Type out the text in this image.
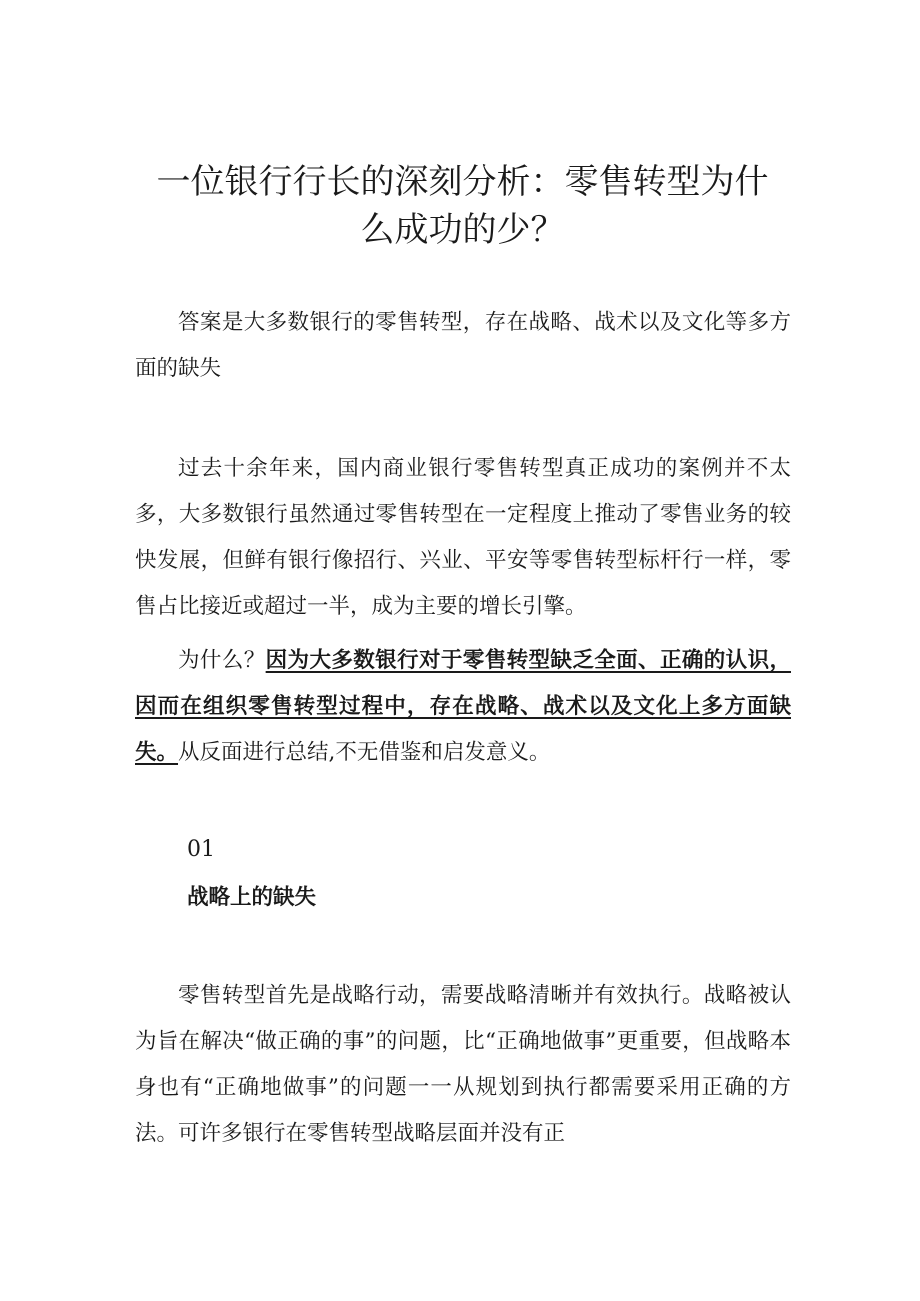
一位银行行长的深刻分析：零售转型为什
么成功的少？

答案是大多数银行的零售转型，存在战略、战术以及文化等多方面的缺失

过去十余年来，国内商业银行零售转型真正成功的案例并不太多，大多数银行虽然通过零售转型在一定程度上推动了零售业务的较快发展，但鲜有银行像招行、兴业、平安等零售转型标杆行一样，零售占比接近或超过一半，成为主要的增长引擎。

为什么？因为大多数银行对于零售转型缺乏全面、正确的认识，因而在组织零售转型过程中，存在战略、战术以及文化上多方面缺失。从反面进行总结,不无借鉴和启发意义。

01

战略上的缺失

零售转型首先是战略行动，需要战略清晰并有效执行。战略被认为旨在解决“做正确的事”的问题，比“正确地做事”更重要，但战略本身也有“正确地做事”的问题一一从规划到执行都需要采用正确的方法。可许多银行在零售转型战略层面并没有正
